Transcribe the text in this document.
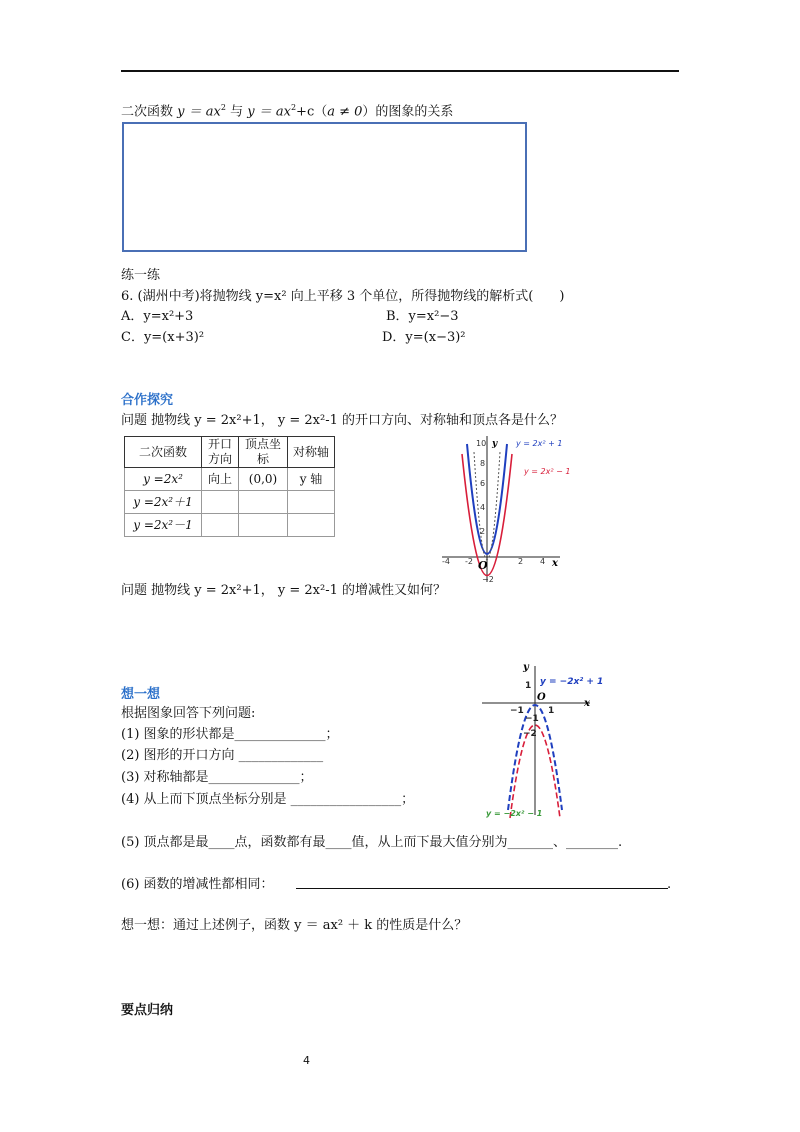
二次函数 $y = ax^2$ 与 $y = ax^2+c(a \ne 0)$的图象的关系
练一练
6. (湖州中考)将抛物线 y=x² 向上平移 3 个单位，所得抛物线的解析式(　　)
A．y=x²+3	B．y=x²−3
C．y=(x+3)²	D．y=(x−3)²
合作探究
问题 抛物线 y = 2x²+1， y = 2x²-1 的开口方向、对称轴和顶点各是什么？
二次函数	开口方向	顶点坐标	对称轴
y =2x²	向上	(0,0)	y 轴
y =2x²＋1			
y =2x²－1			
10
8
6
4
2
−2
-4 -2	2 4
y
x
O
y = 2x² + 1
y = 2x² − 1
问题 抛物线 y = 2x²+1， y = 2x²-1 的增减性又如何？
想一想
根据图象回答下列问题:
(1) 图象的形状都是______________；
(2) 图形的开口方向 _____________
(3) 对称轴都是______________；
(4) 从上而下顶点坐标分别是 _________________；
1
−1
−2
−1	1
y
x
O
y = −2x² + 1
y = −2x² − 1
(5) 顶点都是最____点，函数都有最____值，从上而下最大值分别为_______、________.
(6) 函数的增减性都相同：	.
想一想：通过上述例子，函数 y ＝ ax² ＋ k 的性质是什么？
要点归纳
4
